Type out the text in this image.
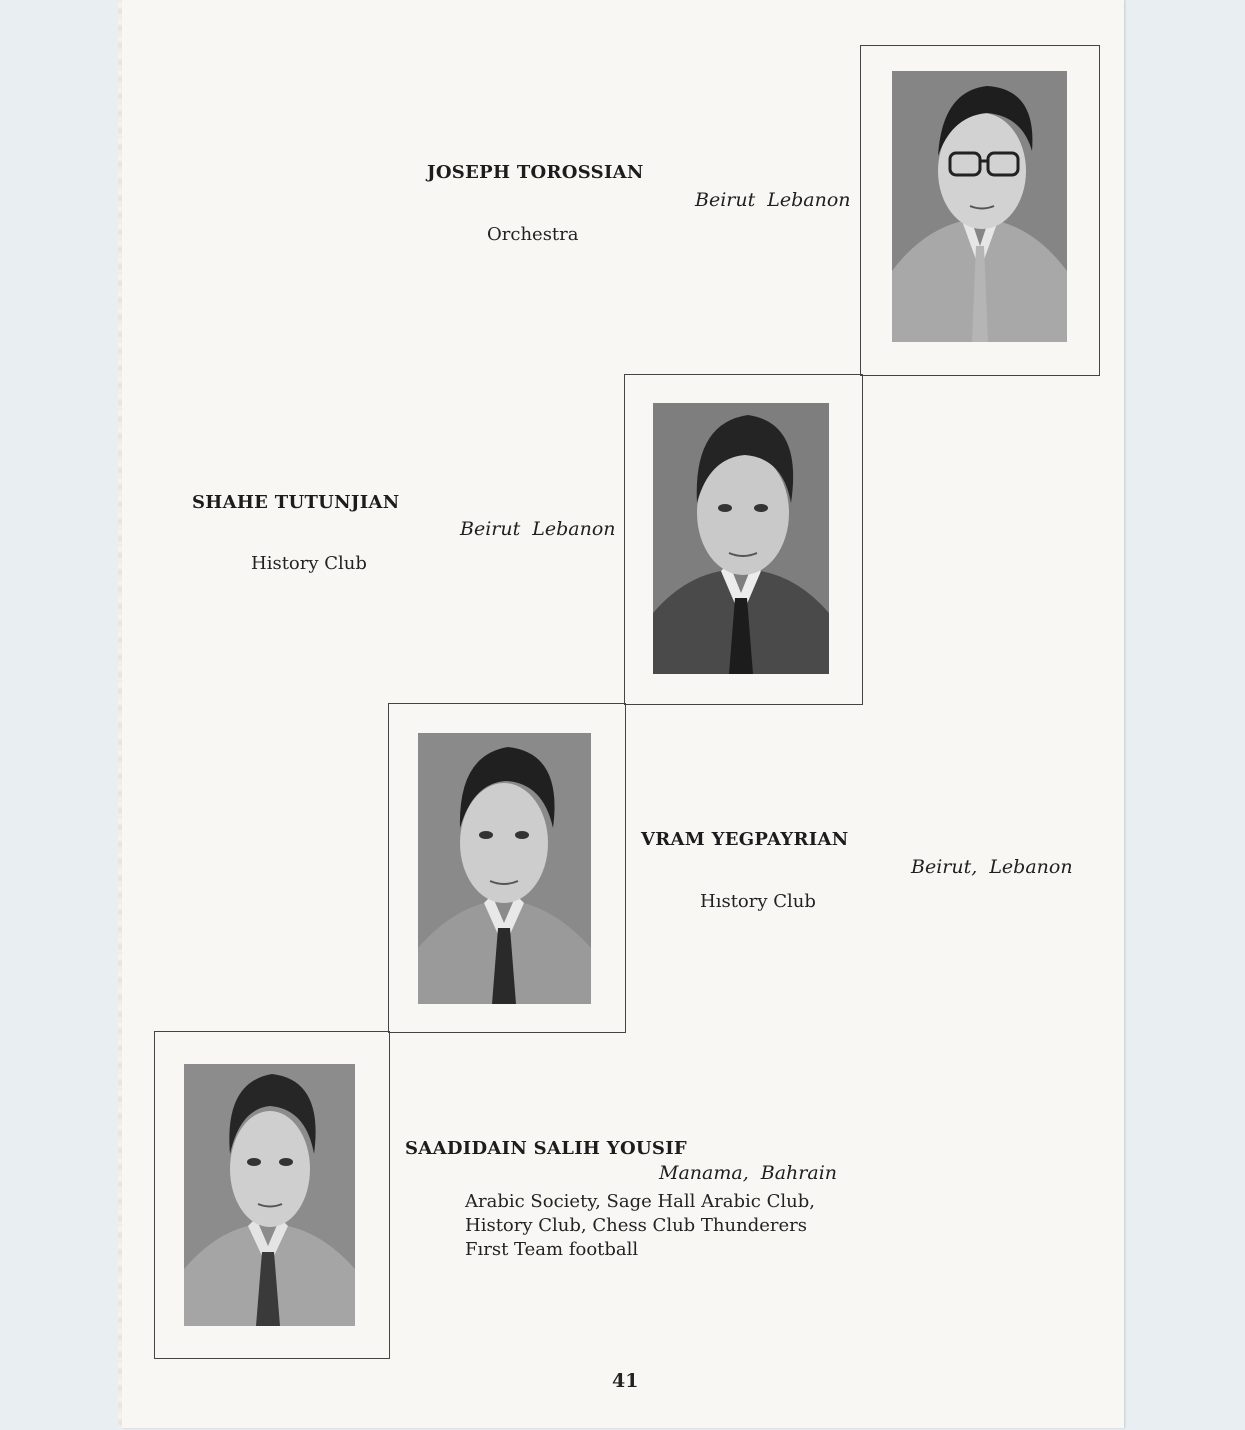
JOSEPH TOROSSIAN
Beirut Lebanon
Orchestra
SHAHE TUTUNJIAN
Beirut Lebanon
History Club
VRAM YEGPAYRIAN
Beirut, Lebanon
Hıstory Club
SAADIDAIN SALIH YOUSIF
Manama, Bahrain
Arabic Society, Sage Hall Arabic Club,
History Club, Chess Club Thunderers
Fırst Team football
41
